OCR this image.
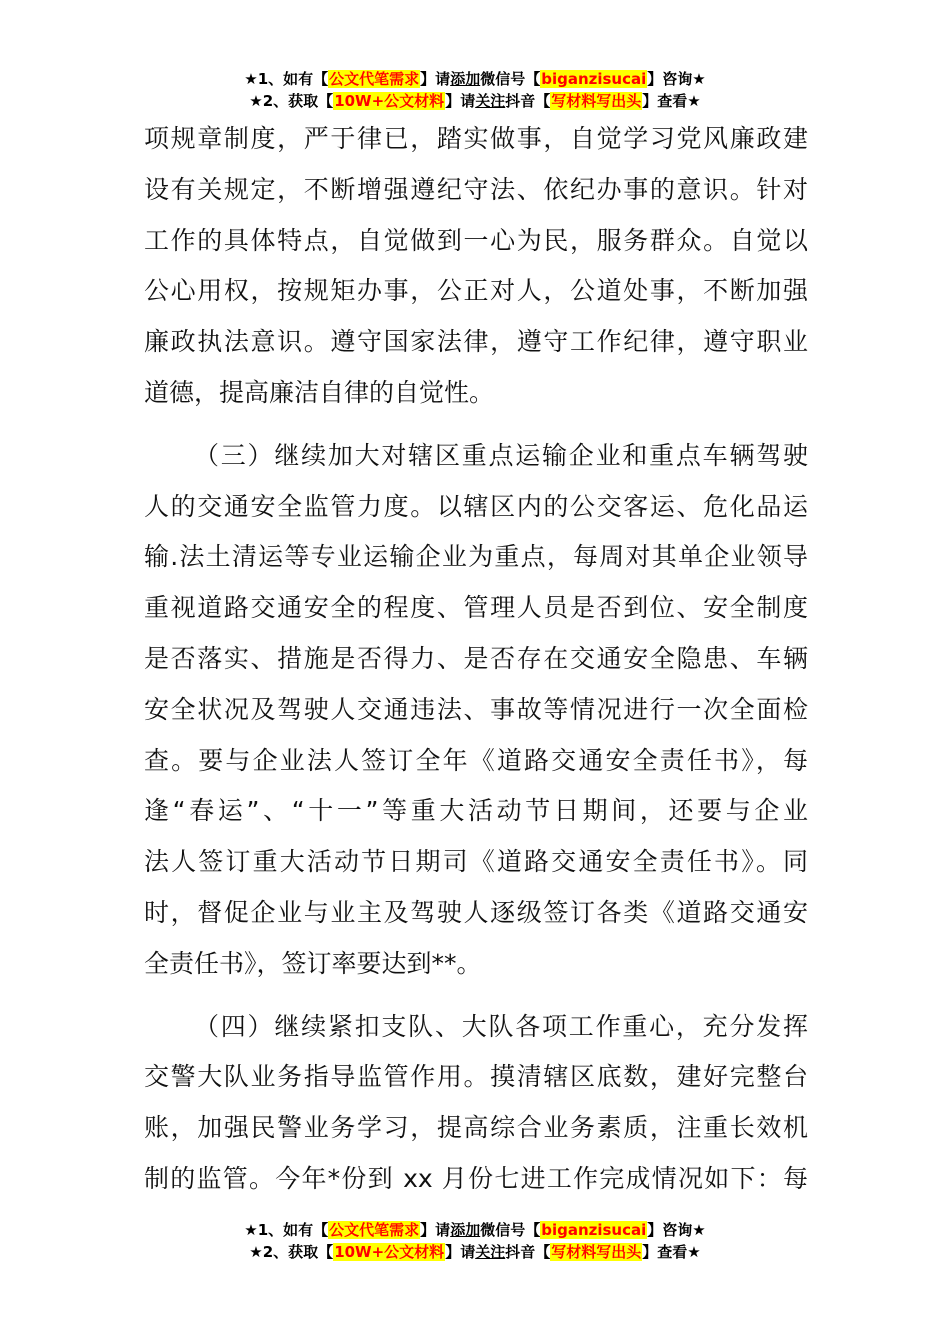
★1、如有【公文代笔需求】请添加微信号【biganzisucai】咨询★
★2、获取【10W+公文材料】请关注抖音【写材料写出头】查看★
项规章制度，严于律已，踏实做事，自觉学习党风廉政建
设有关规定，不断增强遵纪守法、依纪办事的意识。针对
工作的具体特点，自觉做到一心为民，服务群众。自觉以
公心用权，按规矩办事，公正对人，公道处事，不断加强
廉政执法意识。遵守国家法律，遵守工作纪律，遵守职业
道德，提高廉洁自律的自觉性。
（三）继续加大对辖区重点运输企业和重点车辆驾驶
人的交通安全监管力度。以辖区内的公交客运、危化品运
输.法土清运等专业运输企业为重点，每周对其单企业领导
重视道路交通安全的程度、管理人员是否到位、安全制度
是否落实、措施是否得力、是否存在交通安全隐患、车辆
安全状况及驾驶人交通违法、事故等情况进行一次全面检
查。要与企业法人签订全年《道路交通安全责任书》，每
逢“春运”、“十一”等重大活动节日期间，还要与企业
法人签订重大活动节日期司《道路交通安全责任书》。同
时，督促企业与业主及驾驶人逐级签订各类《道路交通安
全责任书》，签订率要达到**。
（四）继续紧扣支队、大队各项工作重心，充分发挥
交警大队业务指导监管作用。摸清辖区底数，建好完整台
账，加强民警业务学习，提高综合业务素质，注重长效机
制的监管。今年*份到 xx 月份七进工作完成情况如下：每
★1、如有【公文代笔需求】请添加微信号【biganzisucai】咨询★
★2、获取【10W+公文材料】请关注抖音【写材料写出头】查看★
